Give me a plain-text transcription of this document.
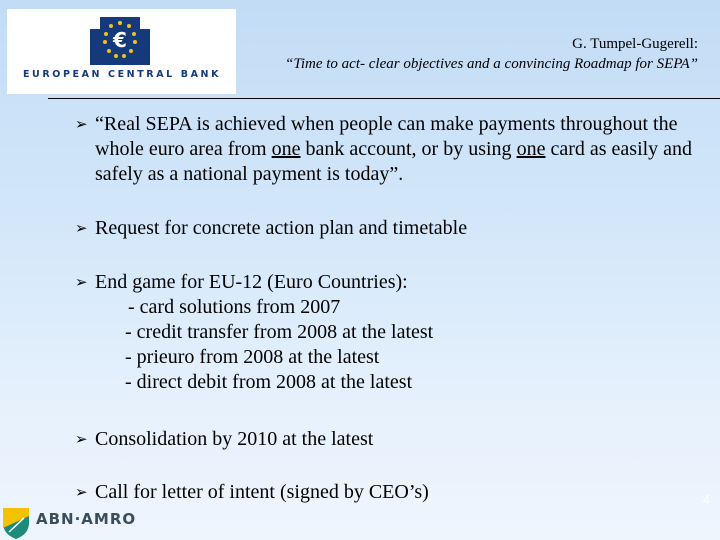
€
EUROPEAN CENTRAL BANK
G. Tumpel-Gugerell:
“Time to act- clear objectives and a convincing Roadmap for SEPA”
➢ “Real SEPA is achieved when people can make payments throughout the whole euro area from one bank account, or by using one card as easily and safely as a national payment is today”.
➢ Request for concrete action plan and timetable
➢ End game for EU-12 (Euro Countries):
- card solutions from 2007
- credit transfer from 2008 at the latest
- prieuro from 2008 at the latest
- direct debit from 2008 at the latest
➢ Consolidation by 2010 at the latest
➢ Call for letter of intent (signed by CEO’s)	4
ABN·AMRO
